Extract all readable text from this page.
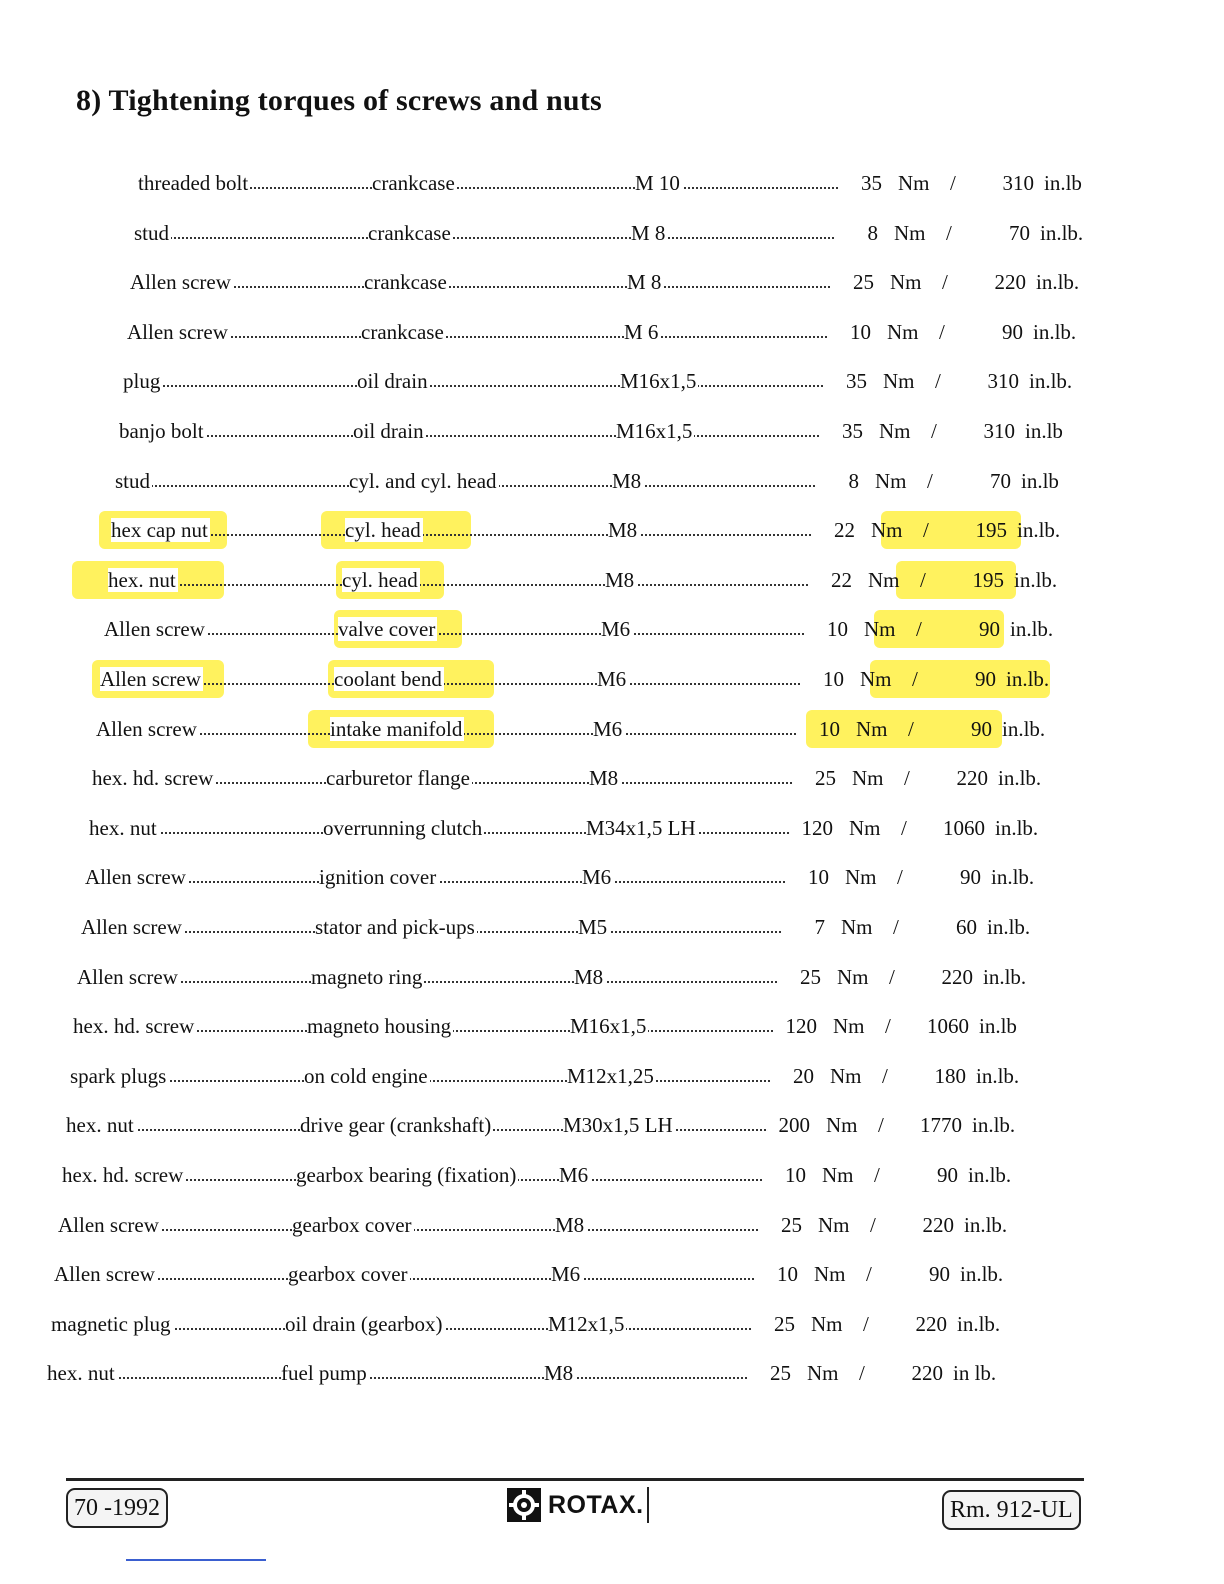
8) Tightening torques of screws and nuts
threaded bolt	crankcase	M 10	35 Nm /	310 in.lb
stud	crankcase	M 8	8 Nm /	70 in.lb.
Allen screw	crankcase	M 8	25 Nm /	220 in.lb.
Allen screw	crankcase	M 6	10 Nm /	90 in.lb.
plug	oil drain	M16x1,5	35 Nm /	310 in.lb.
banjo bolt	oil drain	M16x1,5	35 Nm /	310 in.lb
stud	cyl. and cyl. head	M8	8 Nm /	70 in.lb
hex cap nut	cyl. head	M8	22 Nm /	195 in.lb.
hex. nut	cyl. head	M8	22 Nm /	195 in.lb.
Allen screw	valve cover	M6	10 Nm /	90 in.lb.
Allen screw	coolant bend	M6	10 Nm /	90 in.lb.
Allen screw	intake manifold	M6	10 Nm /	90 in.lb.
hex. hd. screw	carburetor flange	M8	25 Nm /	220 in.lb.
hex. nut	overrunning clutch	M34x1,5 LH	120 Nm /	1060 in.lb.
Allen screw	ignition cover	M6	10 Nm /	90 in.lb.
Allen screw	stator and pick-ups	M5	7 Nm /	60 in.lb.
Allen screw	magneto ring	M8	25 Nm /	220 in.lb.
hex. hd. screw	magneto housing	M16x1,5	120 Nm /	1060 in.lb
spark plugs	on cold engine	M12x1,25	20 Nm /	180 in.lb.
hex. nut	drive gear (crankshaft)	M30x1,5 LH	200 Nm /	1770 in.lb.
hex. hd. screw	gearbox bearing (fixation) M6	10 Nm /	90 in.lb.
Allen screw	gearbox cover	M8	25 Nm /	220 in.lb.
Allen screw	gearbox cover	M6	10 Nm /	90 in.lb.
magnetic plug	oil drain (gearbox)	M12x1,5	25 Nm /	220 in.lb.
hex. nut	fuel pump	M8	25 Nm /	220 in lb.
70 -1992	ROTAX.	Rm. 912-UL
